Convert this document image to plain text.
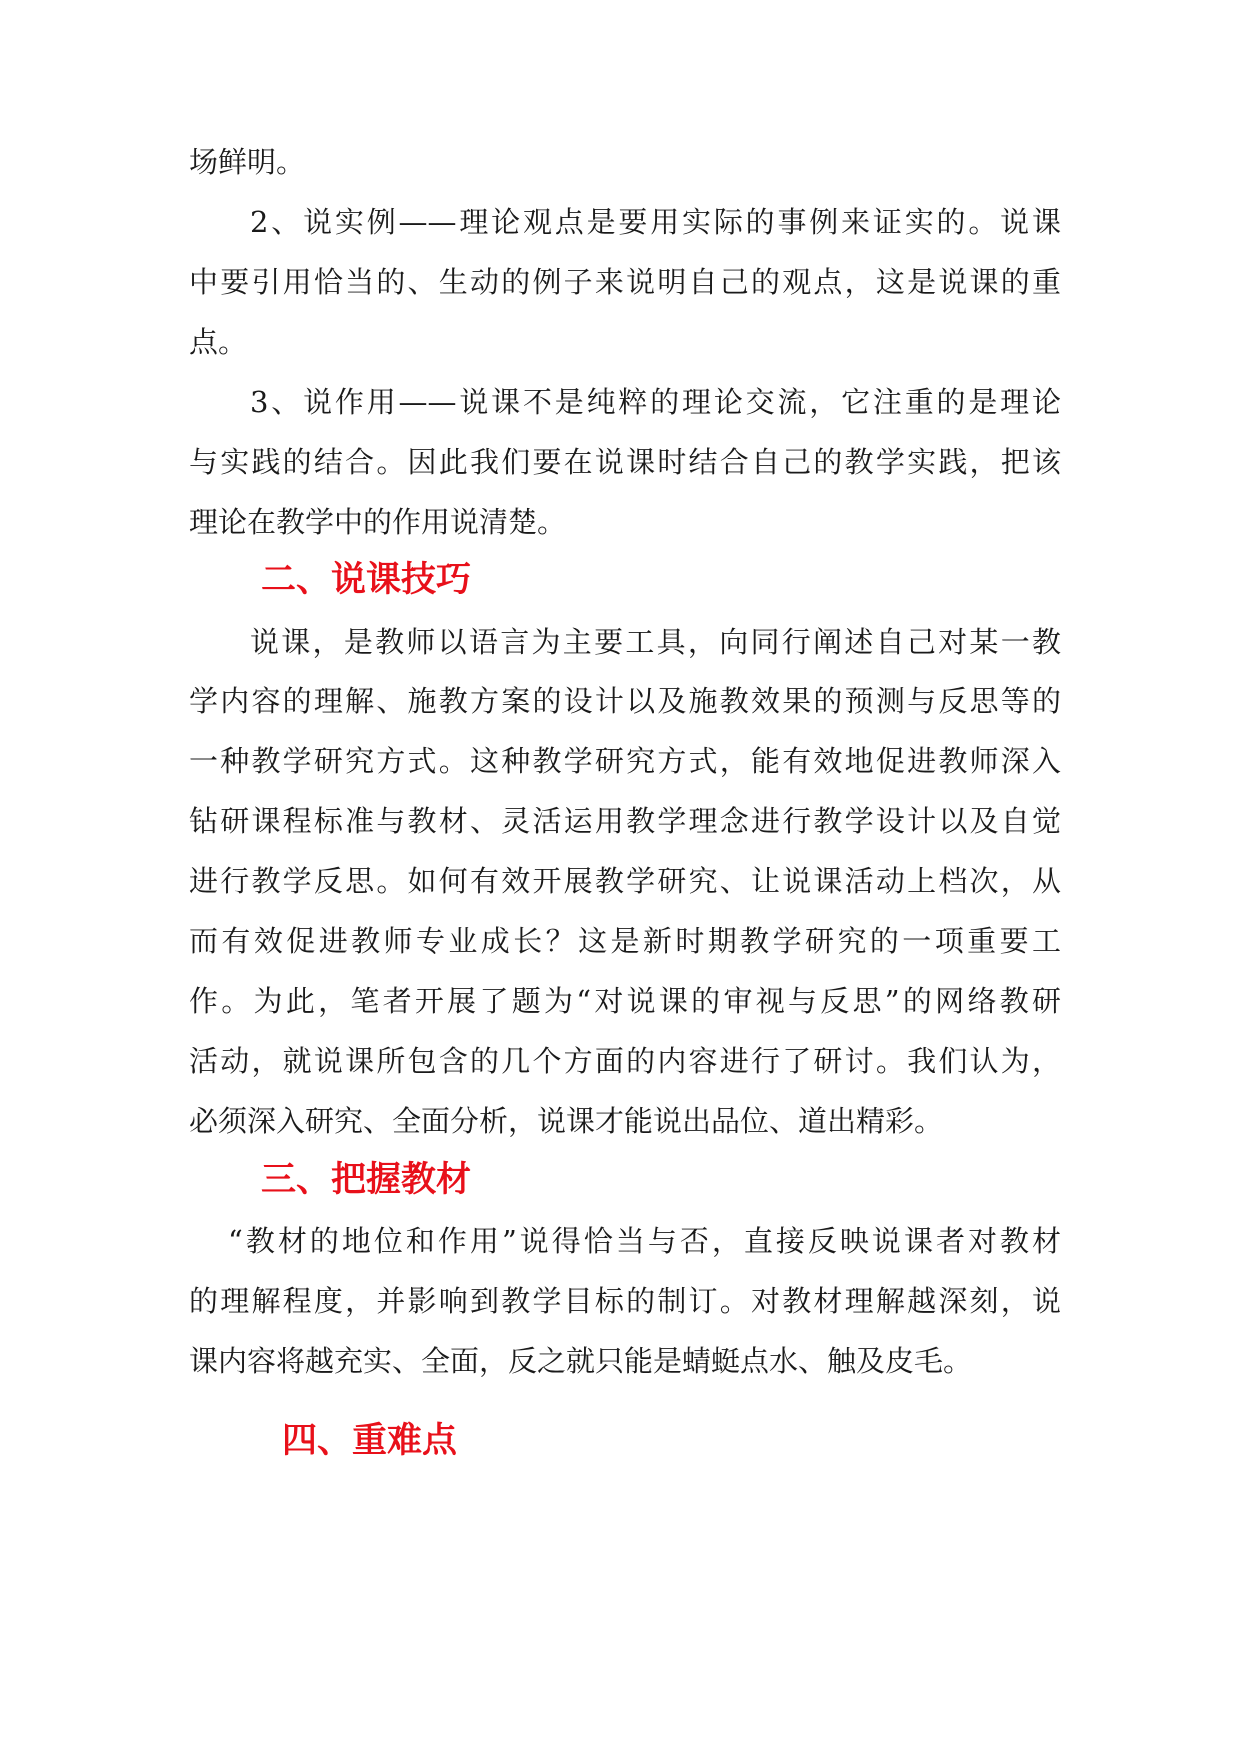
场鲜明。
2、说实例——理论观点是要用实际的事例来证实的。说课
中要引用恰当的、生动的例子来说明自己的观点，这是说课的重
点。
3、说作用——说课不是纯粹的理论交流，它注重的是理论
与实践的结合。因此我们要在说课时结合自己的教学实践，把该
理论在教学中的作用说清楚。
二、说课技巧
说课，是教师以语言为主要工具，向同行阐述自己对某一教
学内容的理解、施教方案的设计以及施教效果的预测与反思等的
一种教学研究方式。这种教学研究方式，能有效地促进教师深入
钻研课程标准与教材、灵活运用教学理念进行教学设计以及自觉
进行教学反思。如何有效开展教学研究、让说课活动上档次，从
而有效促进教师专业成长？这是新时期教学研究的一项重要工
作。为此，笔者开展了题为“对说课的审视与反思”的网络教研
活动，就说课所包含的几个方面的内容进行了研讨。我们认为，
必须深入研究、全面分析，说课才能说出品位、道出精彩。
三、把握教材
“教材的地位和作用”说得恰当与否，直接反映说课者对教材
的理解程度，并影响到教学目标的制订。对教材理解越深刻，说
课内容将越充实、全面，反之就只能是蜻蜓点水、触及皮毛。
四、重难点
